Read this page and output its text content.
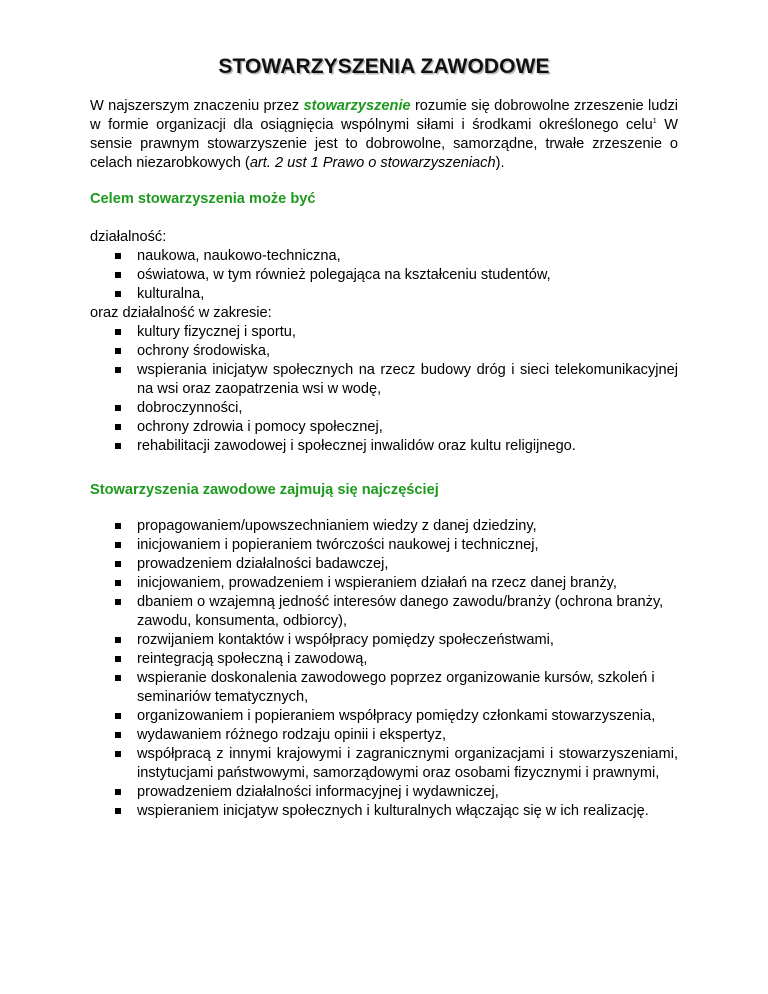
STOWARZYSZENIA ZAWODOWE

W najszerszym znaczeniu przez stowarzyszenie rozumie się dobrowolne zrzeszenie ludzi w formie organizacji dla osiągnięcia wspólnymi siłami i środkami określonego celu$^1$ W sensie prawnym stowarzyszenie jest to dobrowolne, samorządne, trwałe zrzeszenie o celach niezarobkowych (art. 2 ust 1 Prawo o stowarzyszeniach).

Celem stowarzyszenia może być

działalność:

naukowa, naukowo-techniczna,
oświatowa, w tym również polegająca na kształceniu studentów,
kulturalna,

oraz działalność w zakresie:

kultury fizycznej i sportu,
ochrony środowiska,
wspierania inicjatyw społecznych na rzecz budowy dróg i sieci telekomunikacyjnej na wsi oraz zaopatrzenia wsi w wodę,
dobroczynności,
ochrony zdrowia i pomocy społecznej,
rehabilitacji zawodowej i społecznej inwalidów oraz kultu religijnego.
Stowarzyszenia zawodowe zajmują się najczęściej
propagowaniem/upowszechnianiem wiedzy z danej dziedziny,
inicjowaniem i popieraniem twórczości naukowej i technicznej,
prowadzeniem działalności badawczej,
inicjowaniem, prowadzeniem i wspieraniem działań na rzecz danej branży,
dbaniem o wzajemną jedność interesów danego zawodu/branży (ochrona branży, zawodu, konsumenta, odbiorcy),
rozwijaniem kontaktów i współpracy pomiędzy społeczeństwami,
reintegracją społeczną i zawodową,
wspieranie doskonalenia zawodowego poprzez organizowanie kursów, szkoleń i seminariów tematycznych,
organizowaniem i popieraniem współpracy pomiędzy członkami stowarzyszenia,
wydawaniem różnego rodzaju opinii i ekspertyz,
współpracą z innymi krajowymi i zagranicznymi organizacjami i stowarzyszeniami, instytucjami państwowymi, samorządowymi oraz osobami fizycznymi i prawnymi,
prowadzeniem działalności informacyjnej i wydawniczej,
wspieraniem inicjatyw społecznych i kulturalnych włączając się w ich realizację.
